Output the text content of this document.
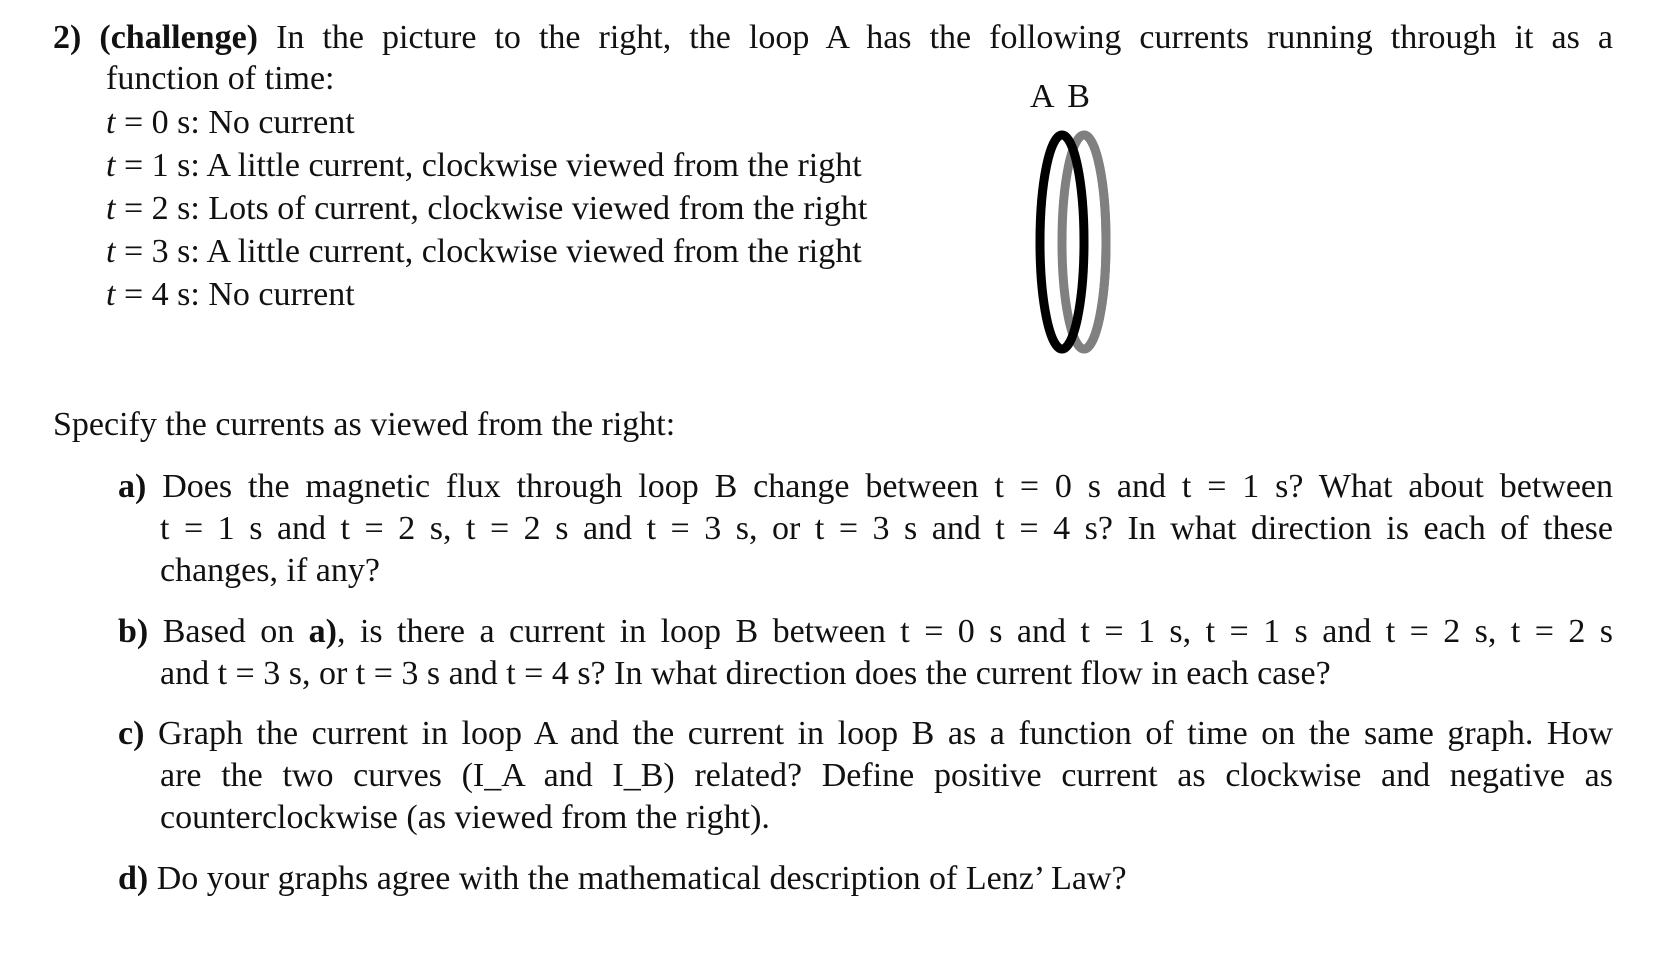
2) (challenge) In the picture to the right, the loop A has the following currents running through it as a
function of time:
t = 0 s: No current
t = 1 s: A little current, clockwise viewed from the right
t = 2 s: Lots of current, clockwise viewed from the right
t = 3 s: A little current, clockwise viewed from the right
t = 4 s: No current
A B
Specify the currents as viewed from the right:
a) Does the magnetic flux through loop B change between t = 0 s and t = 1 s? What about between
t = 1 s and t = 2 s, t = 2 s and t = 3 s, or t = 3 s and t = 4 s? In what direction is each of these
changes, if any?
b) Based on a), is there a current in loop B between t = 0 s and t = 1 s, t = 1 s and t = 2 s, t = 2 s
and t = 3 s, or t = 3 s and t = 4 s? In what direction does the current flow in each case?
c) Graph the current in loop A and the current in loop B as a function of time on the same graph. How
are the two curves (I_A and I_B) related? Define positive current as clockwise and negative as
counterclockwise (as viewed from the right).
d) Do your graphs agree with the mathematical description of Lenz’ Law?
